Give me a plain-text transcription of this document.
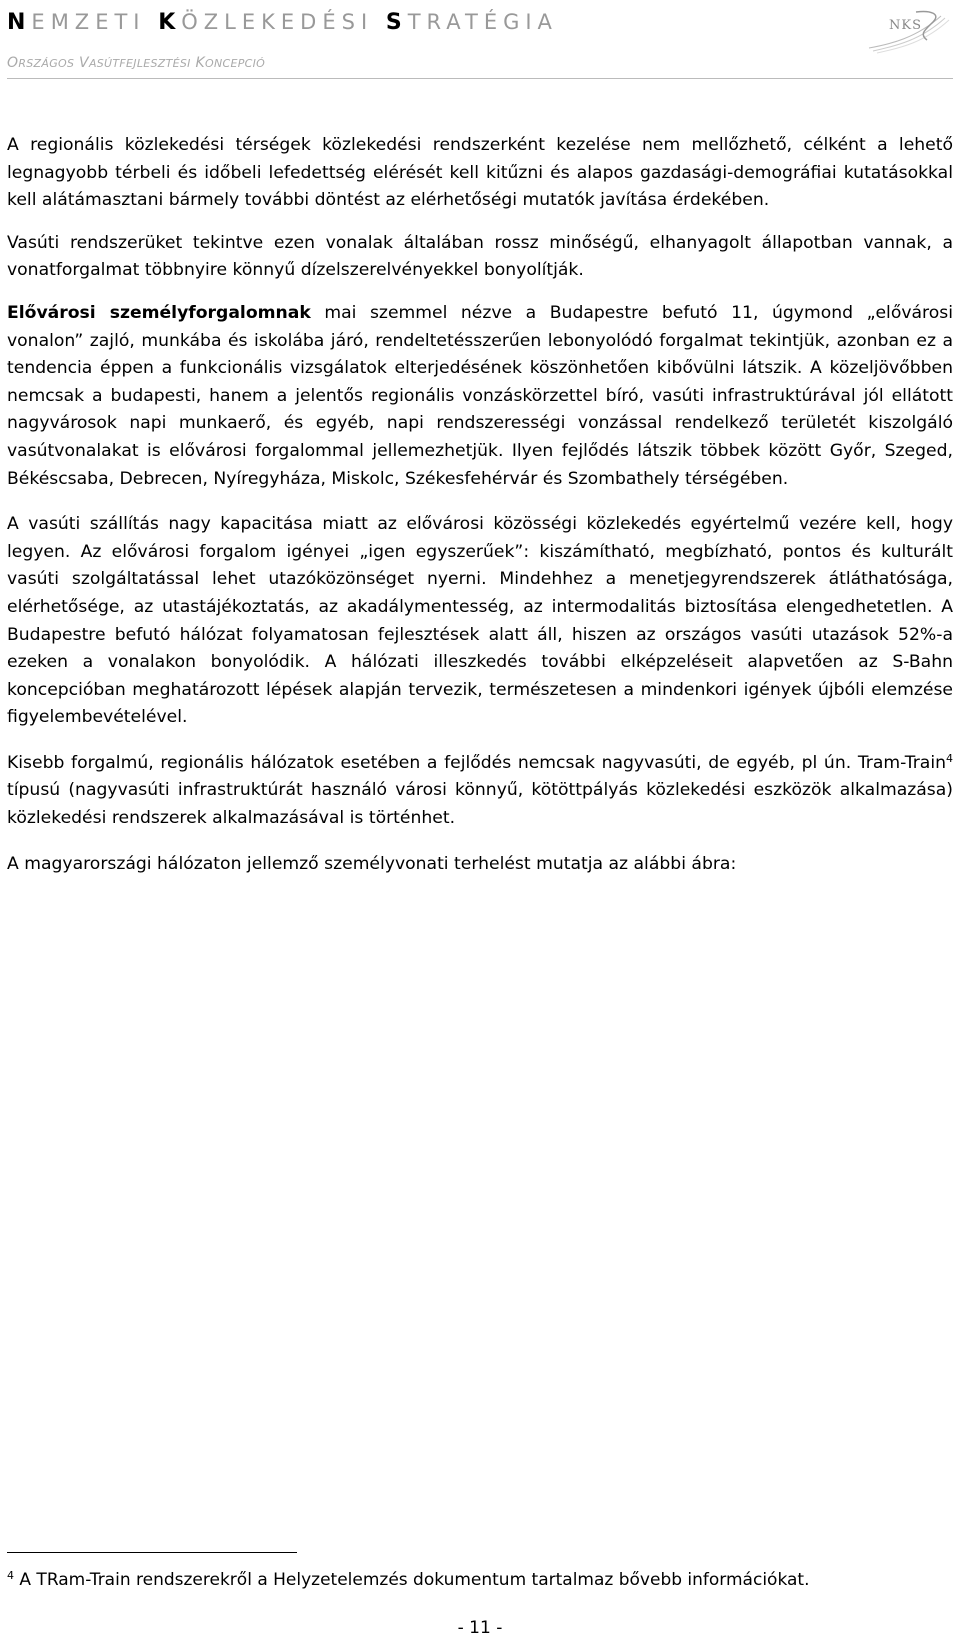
NEMZETI KÖZLEKEDÉSI STRATÉGIA
ORSZÁGOS VASÚTFEJLESZTÉSI KONCEPCIÓ
NKS

A regionális közlekedési térségek közlekedési rendszerként kezelése nem mellőzhető, célként a lehető legnagyobb térbeli és időbeli lefedettség elérését kell kitűzni és alapos gazdasági-demográfiai kutatásokkal kell alátámasztani bármely további döntést az elérhetőségi mutatók javítása érdekében.

Vasúti rendszerüket tekintve ezen vonalak általában rossz minőségű, elhanyagolt állapotban vannak, a vonatforgalmat többnyire könnyű dízelszerelvényekkel bonyolítják.

Elővárosi személyforgalomnak mai szemmel nézve a Budapestre befutó 11, úgymond „elővárosi vonalon” zajló, munkába és iskolába járó, rendeltetésszerűen lebonyolódó forgalmat tekintjük, azonban ez a tendencia éppen a funkcionális vizsgálatok elterjedésének köszönhetően kibővülni látszik. A közeljövőbben nemcsak a budapesti, hanem a jelentős regionális vonzáskörzettel bíró, vasúti infrastruktúrával jól ellátott nagyvárosok napi munkaerő, és egyéb, napi rendszerességi vonzással rendelkező területét kiszolgáló vasútvonalakat is elővárosi forgalommal jellemezhetjük. Ilyen fejlődés látszik többek között Győr, Szeged, Békéscsaba, Debrecen, Nyíregyháza, Miskolc, Székesfehérvár és Szombathely térségében.

A vasúti szállítás nagy kapacitása miatt az elővárosi közösségi közlekedés egyértelmű vezére kell, hogy legyen. Az elővárosi forgalom igényei „igen egyszerűek”: kiszámítható, megbízható, pontos és kulturált vasúti szolgáltatással lehet utazóközönséget nyerni. Mindehhez a menetjegyrendszerek átláthatósága, elérhetősége, az utastájékoztatás, az akadálymentesség, az intermodalitás biztosítása elengedhetetlen. A Budapestre befutó hálózat folyamatosan fejlesztések alatt áll, hiszen az országos vasúti utazások 52%-a ezeken a vonalakon bonyolódik. A hálózati illeszkedés további elképzeléseit alapvetően az S-Bahn koncepcióban meghatározott lépések alapján tervezik, természetesen a mindenkori igények újbóli elemzése figyelembevételével.

Kisebb forgalmú, regionális hálózatok esetében a fejlődés nemcsak nagyvasúti, de egyéb, pl ún. Tram-Train$^4$ típusú (nagyvasúti infrastruktúrát használó városi könnyű, kötöttpályás közlekedési eszközök alkalmazása) közlekedési rendszerek alkalmazásával is történhet.

A magyarországi hálózaton jellemző személyvonati terhelést mutatja az alábbi ábra:

$^4$ A TRam-Train rendszerekről a Helyzetelemzés dokumentum tartalmaz bővebb információkat.
- 11 -
